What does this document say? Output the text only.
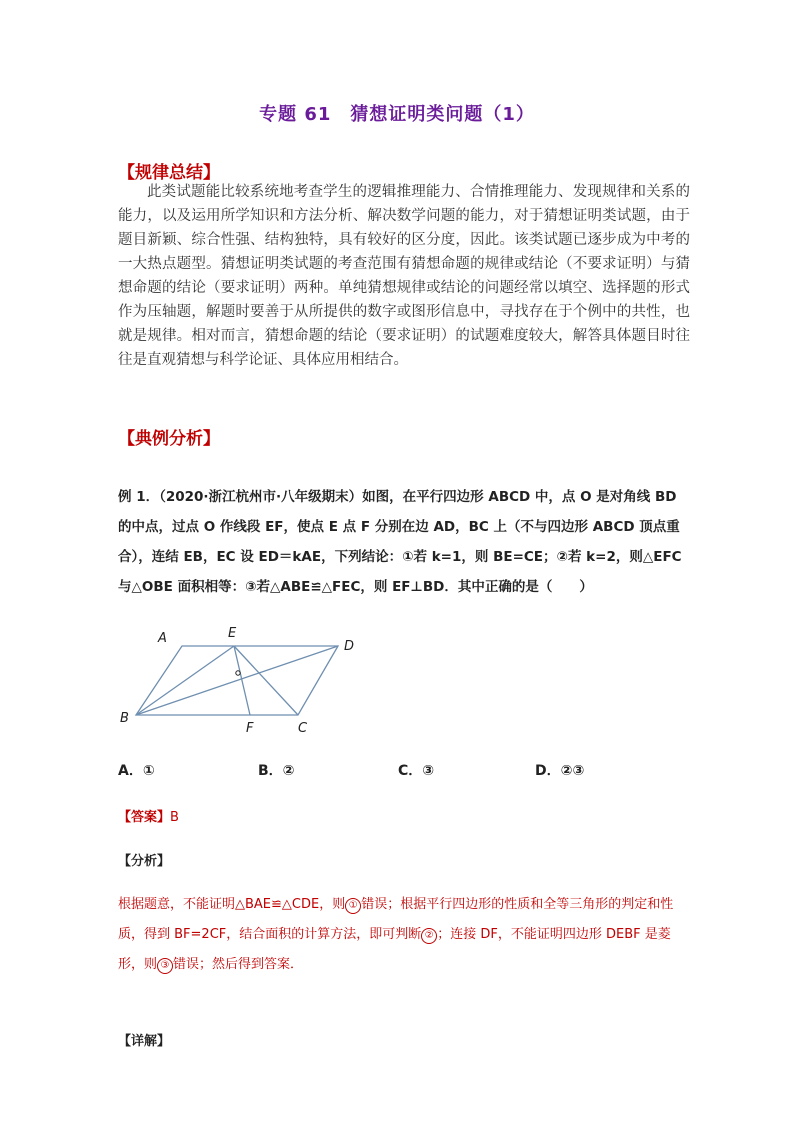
专题 61　猜想证明类问题（1）
【规律总结】

此类试题能比较系统地考查学生的逻辑推理能力、合情推理能力、发现规律和关系的能力，以及运用所学知识和方法分析、解决数学问题的能力，对于猜想证明类试题，由于题目新颖、综合性强、结构独特，具有较好的区分度，因此。该类试题已逐步成为中考的一大热点题型。猜想证明类试题的考查范围有猜想命题的规律或结论（不要求证明）与猜想命题的结论（要求证明）两种。单纯猜想规律或结论的问题经常以填空、选择题的形式作为压轴题，解题时要善于从所提供的数字或图形信息中，寻找存在于个例中的共性，也就是规律。相对而言，猜想命题的结论（要求证明）的试题难度较大，解答具体题目时往往是直观猜想与科学论证、具体应用相结合。

【典例分析】

例 1．（2020·浙江杭州市·八年级期末）如图，在平行四边形 ABCD 中，点 O 是对角线 BD 的中点，过点 O 作线段 EF，使点 E 点 F 分别在边 AD，BC 上（不与四边形 ABCD 顶点重合），连结 EB，EC 设 ED＝kAE，下列结论：①若 k=1，则 BE=CE；②若 k=2，则△EFC 与△OBE 面积相等：③若△ABE≌△FEC，则 EF⊥BD．其中正确的是（　　）

A	E
D
B
F	C
A．①	B．②	C．③	D．②③
【答案】B
【分析】

根据题意，不能证明△BAE≌△CDE，则 ① 错误；根据平行四边形的性质和全等三角形的判定和性质，得到 BF=2CF，结合面积的计算方法，即可判断 ② ；连接 DF，不能证明四边形 DEBF 是菱形，则 ③ 错误；然后得到答案．

【详解】
